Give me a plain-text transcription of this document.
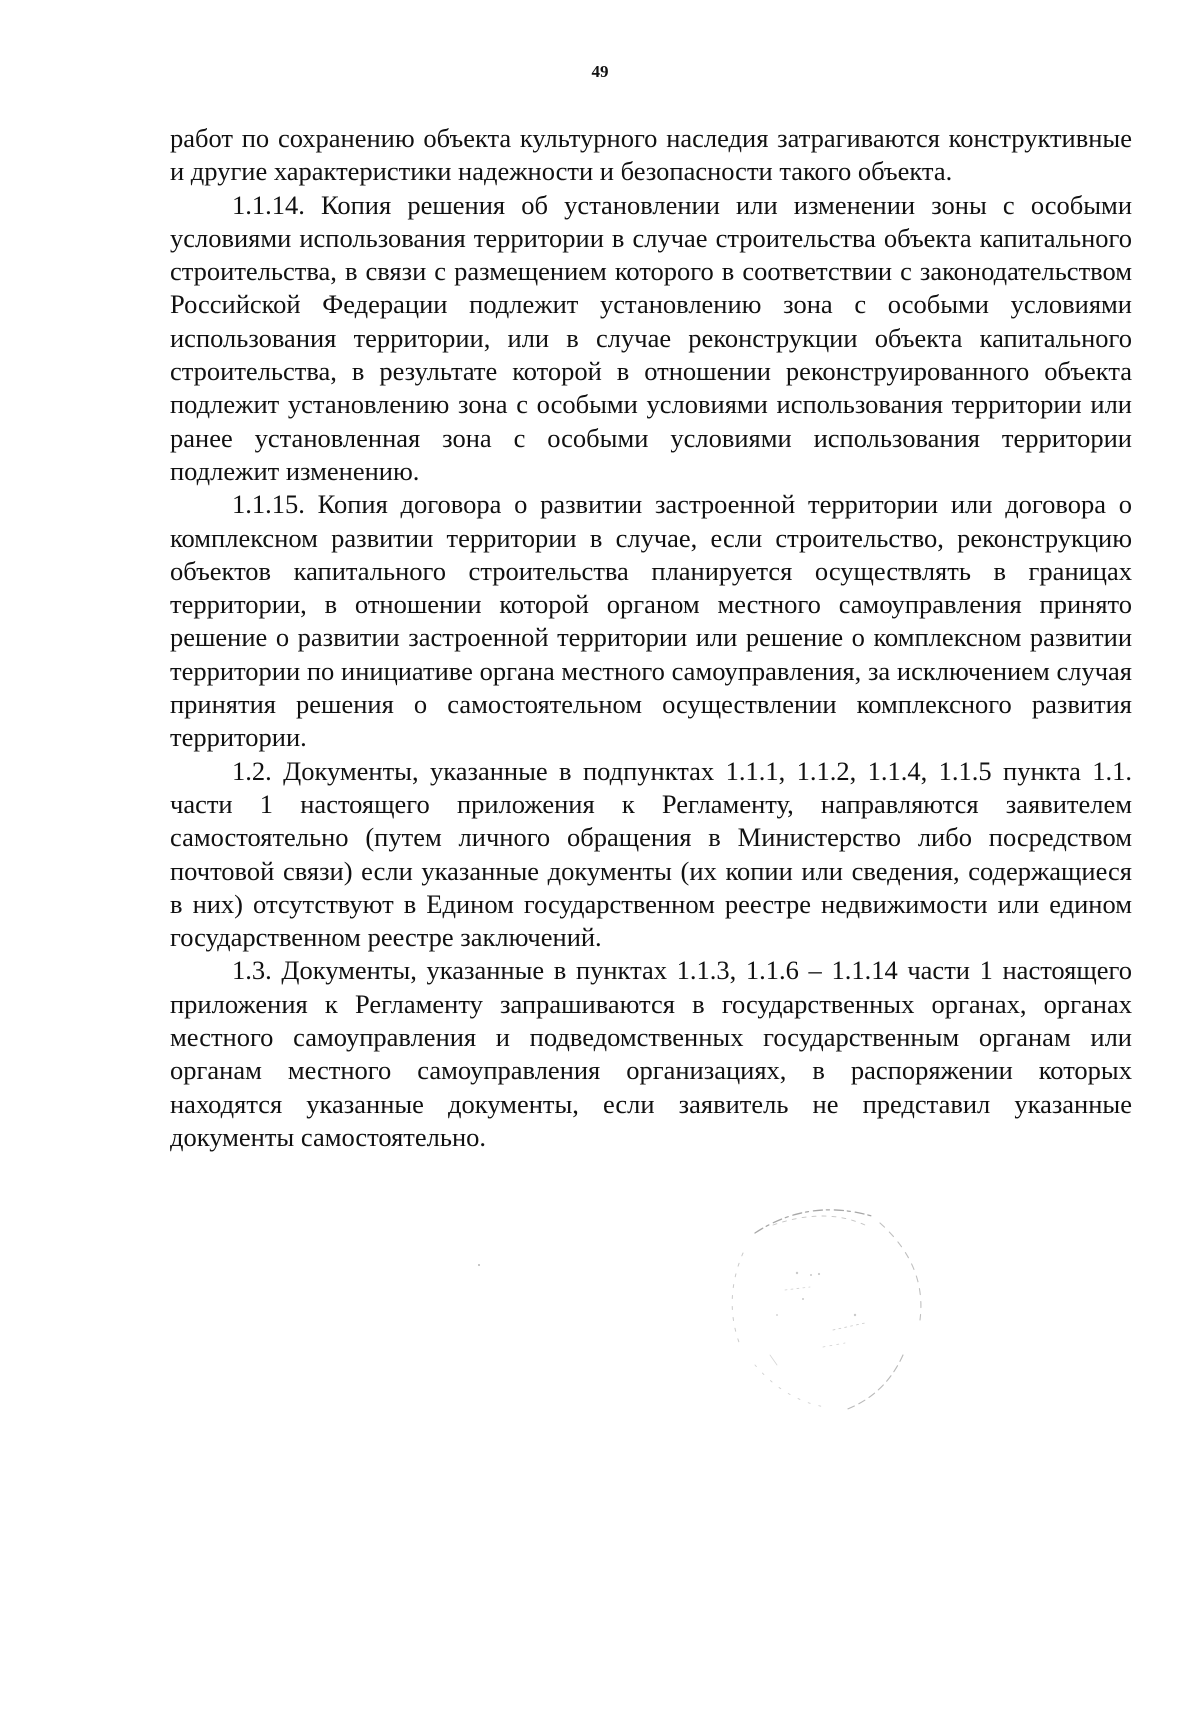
49

работ по сохранению объекта культурного наследия затрагиваются конструктивные и другие характеристики надежности и безопасности такого объекта.

1.1.14. Копия решения об установлении или изменении зоны с особыми условиями использования территории в случае строительства объекта капитального строительства, в связи с размещением которого в соответствии с законодательством Российской Федерации подлежит установлению зона с особыми условиями использования территории, или в случае реконструкции объекта капитального строительства, в результате которой в отношении реконструированного объекта подлежит установлению зона с особыми условиями использования территории или ранее установленная зона с особыми условиями использования территории подлежит изменению.

1.1.15. Копия договора о развитии застроенной территории или договора о комплексном развитии территории в случае, если строительство, реконструкцию объектов капитального строительства планируется осуществлять в границах территории, в отношении которой органом местного самоуправления принято решение о развитии застроенной территории или решение о комплексном развитии территории по инициативе органа местного самоуправления, за исключением случая принятия решения о самостоятельном осуществлении комплексного развития территории.

1.2. Документы, указанные в подпунктах 1.1.1, 1.1.2, 1.1.4, 1.1.5 пункта 1.1. части 1 настоящего приложения к Регламенту, направляются заявителем самостоятельно (путем личного обращения в Министерство либо посредством почтовой связи) если указанные документы (их копии или сведения, содержащиеся в них) отсутствуют в Едином государственном реестре недвижимости или едином государственном реестре заключений.

1.3. Документы, указанные в пунктах 1.1.3, 1.1.6 – 1.1.14 части 1 настоящего приложения к Регламенту запрашиваются в государственных органах, органах местного самоуправления и подведомственных государственным органам или органам местного самоуправления организациях, в распоряжении которых находятся указанные документы, если заявитель не представил указанные документы самостоятельно.
